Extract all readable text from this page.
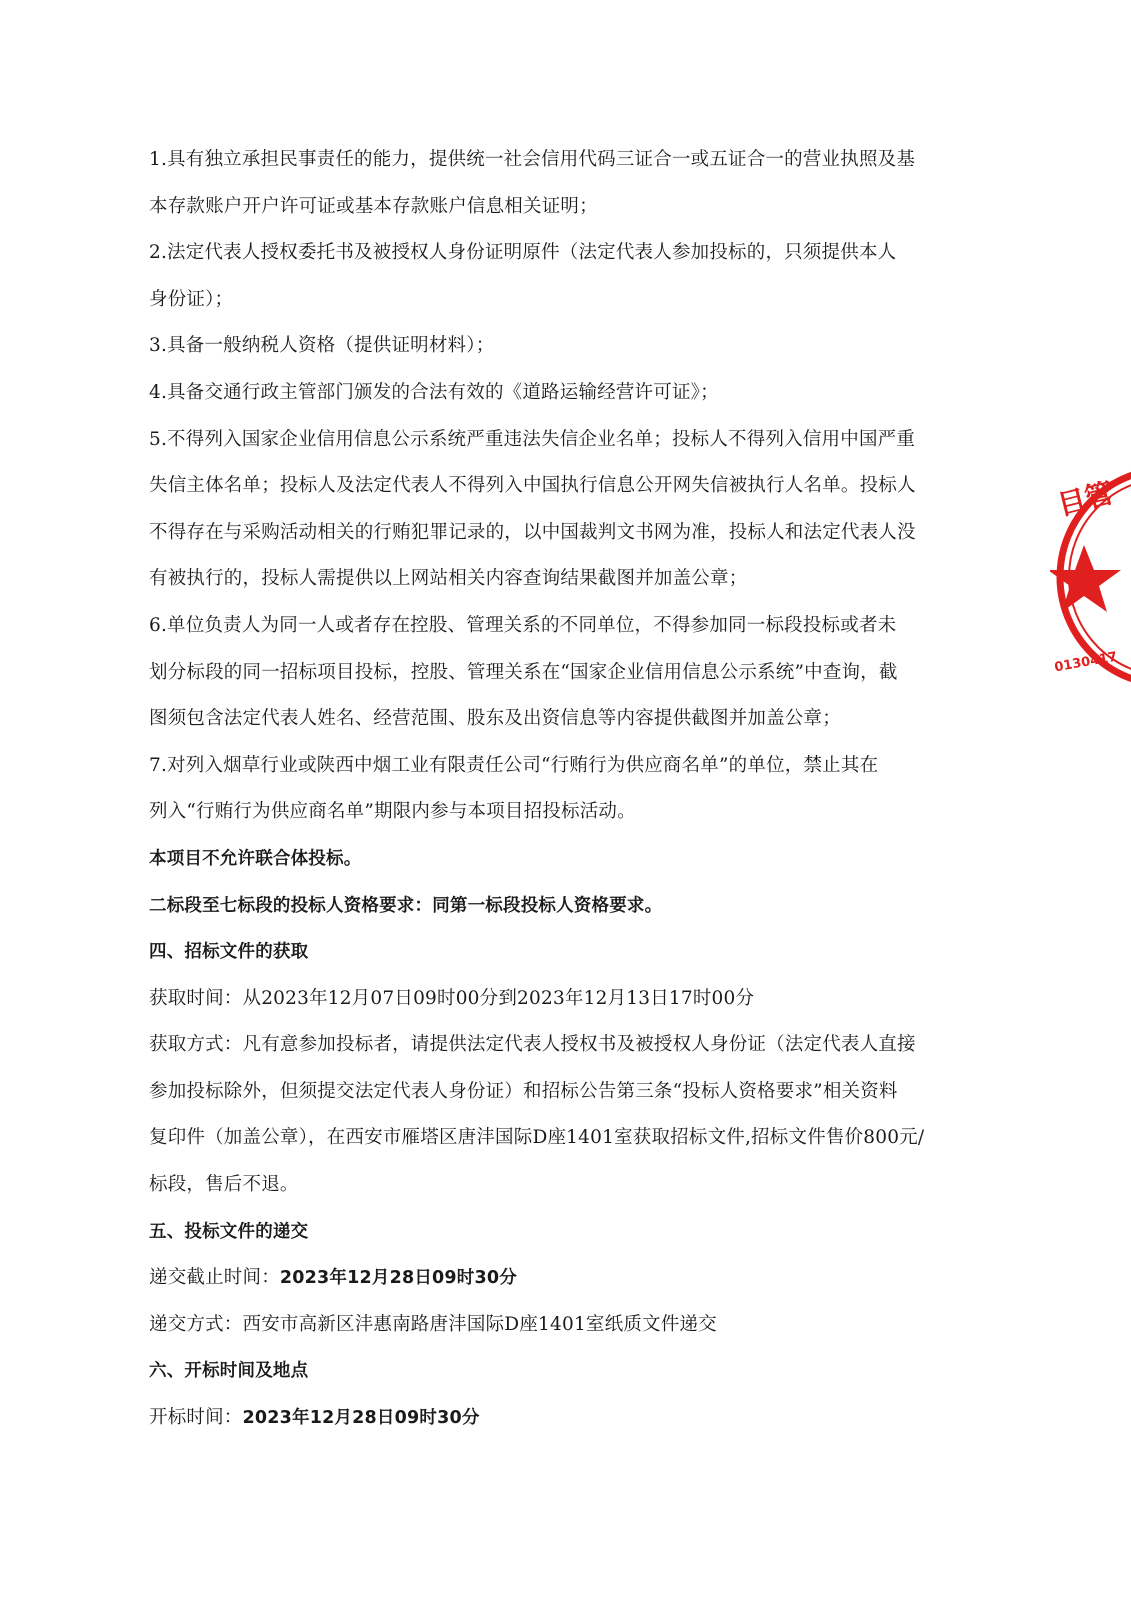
1.具有独立承担民事责任的能力，提供统一社会信用代码三证合一或五证合一的营业执照及基
本存款账户开户许可证或基本存款账户信息相关证明；
2.法定代表人授权委托书及被授权人身份证明原件（法定代表人参加投标的，只须提供本人
身份证）；
3.具备一般纳税人资格（提供证明材料）；
4.具备交通行政主管部门颁发的合法有效的《道路运输经营许可证》；
5.不得列入国家企业信用信息公示系统严重违法失信企业名单；投标人不得列入信用中国严重
失信主体名单；投标人及法定代表人不得列入中国执行信息公开网失信被执行人名单。投标人
不得存在与采购活动相关的行贿犯罪记录的，以中国裁判文书网为准，投标人和法定代表人没
有被执行的，投标人需提供以上网站相关内容查询结果截图并加盖公章；
6.单位负责人为同一人或者存在控股、管理关系的不同单位，不得参加同一标段投标或者未
划分标段的同一招标项目投标，控股、管理关系在“国家企业信用信息公示系统”中查询，截
图须包含法定代表人姓名、经营范围、股东及出资信息等内容提供截图并加盖公章；
7.对列入烟草行业或陕西中烟工业有限责任公司“行贿行为供应商名单”的单位，禁止其在
列入“行贿行为供应商名单”期限内参与本项目招投标活动。
本项目不允许联合体投标。
二标段至七标段的投标人资格要求：同第一标段投标人资格要求。
四、招标文件的获取
获取时间：从2023年12月07日09时00分到2023年12月13日17时00分
获取方式：凡有意参加投标者，请提供法定代表人授权书及被授权人身份证（法定代表人直接
参加投标除外，但须提交法定代表人身份证）和招标公告第三条“投标人资格要求”相关资料
复印件（加盖公章），在西安市雁塔区唐沣国际D座1401室获取招标文件,招标文件售价800元/
标段，售后不退。
五、投标文件的递交
递交截止时间：2023年12月28日09时30分
递交方式：西安市高新区沣惠南路唐沣国际D座1401室纸质文件递交
六、开标时间及地点
开标时间：2023年12月28日09时30分
目管
0130417
